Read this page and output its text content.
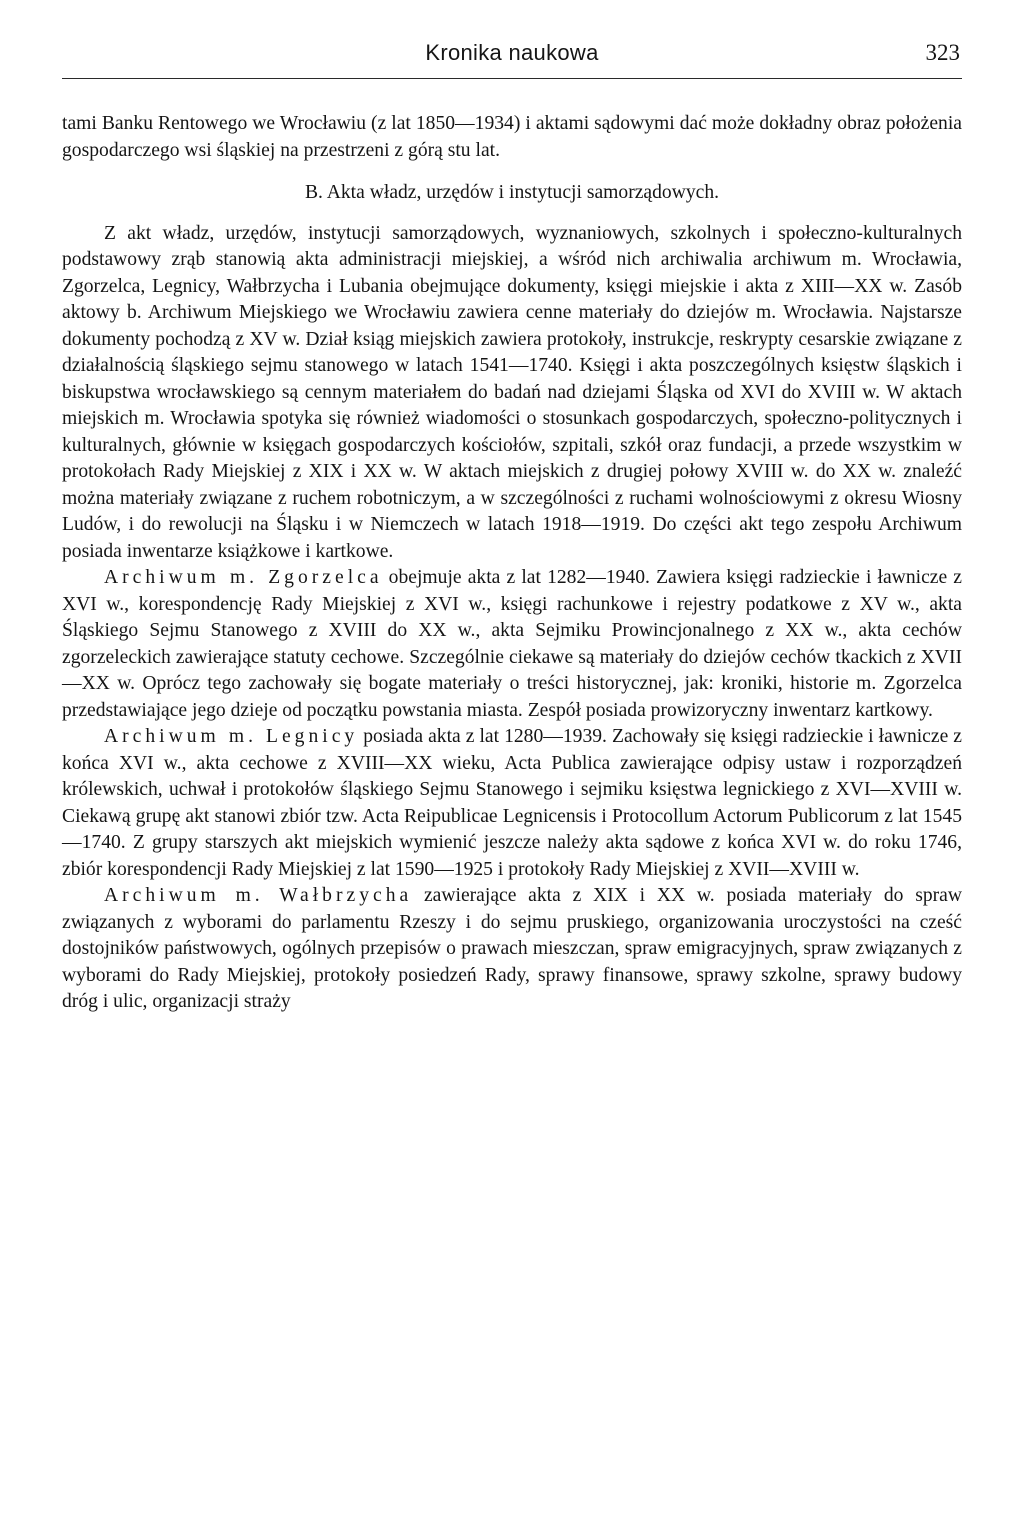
Kronika naukowa	323

tami Banku Rentowego we Wrocławiu (z lat 1850—1934) i aktami sądowymi dać może dokładny obraz położenia gospodarczego wsi śląskiej na przestrzeni z górą stu lat.

B. Akta władz, urzędów i instytucji samorządowych.

Z akt władz, urzędów, instytucji samorządowych, wyznaniowych, szkolnych i społeczno-kulturalnych podstawowy zrąb stanowią akta administracji miejskiej, a wśród nich archiwalia archiwum m. Wrocławia, Zgorzelca, Legnicy, Wałbrzycha i Lubania obejmujące dokumenty, księgi miejskie i akta z XIII—XX w. Zasób aktowy b. Archiwum Miejskiego we Wrocławiu zawiera cenne materiały do dziejów m. Wrocławia. Najstarsze dokumenty pochodzą z XV w. Dział ksiąg miejskich zawiera protokoły, instrukcje, reskrypty cesarskie związane z działalnością śląskiego sejmu stanowego w latach 1541—1740. Księgi i akta poszczególnych księstw śląskich i biskupstwa wrocławskiego są cennym materiałem do badań nad dziejami Śląska od XVI do XVIII w. W aktach miejskich m. Wrocławia spotyka się również wiadomości o stosunkach gospodarczych, społeczno-politycznych i kulturalnych, głównie w księgach gospodarczych kościołów, szpitali, szkół oraz fundacji, a przede wszystkim w protokołach Rady Miejskiej z XIX i XX w. W aktach miejskich z drugiej połowy XVIII w. do XX w. znaleźć można materiały związane z ruchem robotniczym, a w szczególności z ruchami wolnościowymi z okresu Wiosny Ludów, i do rewolucji na Śląsku i w Niemczech w latach 1918—1919. Do części akt tego zespołu Archiwum posiada inwentarze książkowe i kartkowe.

Archiwum m. Zgorzelca obejmuje akta z lat 1282—1940. Zawiera księgi radzieckie i ławnicze z XVI w., korespondencję Rady Miejskiej z XVI w., księgi rachunkowe i rejestry podatkowe z XV w., akta Śląskiego Sejmu Stanowego z XVIII do XX w., akta Sejmiku Prowincjonalnego z XX w., akta cechów zgorzeleckich zawierające statuty cechowe. Szczególnie ciekawe są materiały do dziejów cechów tkackich z XVII—XX w. Oprócz tego zachowały się bogate materiały o treści historycznej, jak: kroniki, historie m. Zgorzelca przedstawiające jego dzieje od początku powstania miasta. Zespół posiada prowizoryczny inwentarz kartkowy.

Archiwum m. Legnicy posiada akta z lat 1280—1939. Zachowały się księgi radzieckie i ławnicze z końca XVI w., akta cechowe z XVIII—XX wieku, Acta Publica zawierające odpisy ustaw i rozporządzeń królewskich, uchwał i protokołów śląskiego Sejmu Stanowego i sejmiku księstwa legnickiego z XVI—XVIII w. Ciekawą grupę akt stanowi zbiór tzw. Acta Reipublicae Legnicensis i Protocollum Actorum Publicorum z lat 1545—1740. Z grupy starszych akt miejskich wymienić jeszcze należy akta sądowe z końca XVI w. do roku 1746, zbiór korespondencji Rady Miejskiej z lat 1590—1925 i protokoły Rady Miejskiej z XVII—XVIII w.

Archiwum m. Wałbrzycha zawierające akta z XIX i XX w. posiada materiały do spraw związanych z wyborami do parlamentu Rzeszy i do sejmu pruskiego, organizowania uroczystości na cześć dostojników państwowych, ogólnych przepisów o prawach mieszczan, spraw emigracyjnych, spraw związanych z wyborami do Rady Miejskiej, protokoły posiedzeń Rady, sprawy finansowe, sprawy szkolne, sprawy budowy dróg i ulic, organizacji straży
